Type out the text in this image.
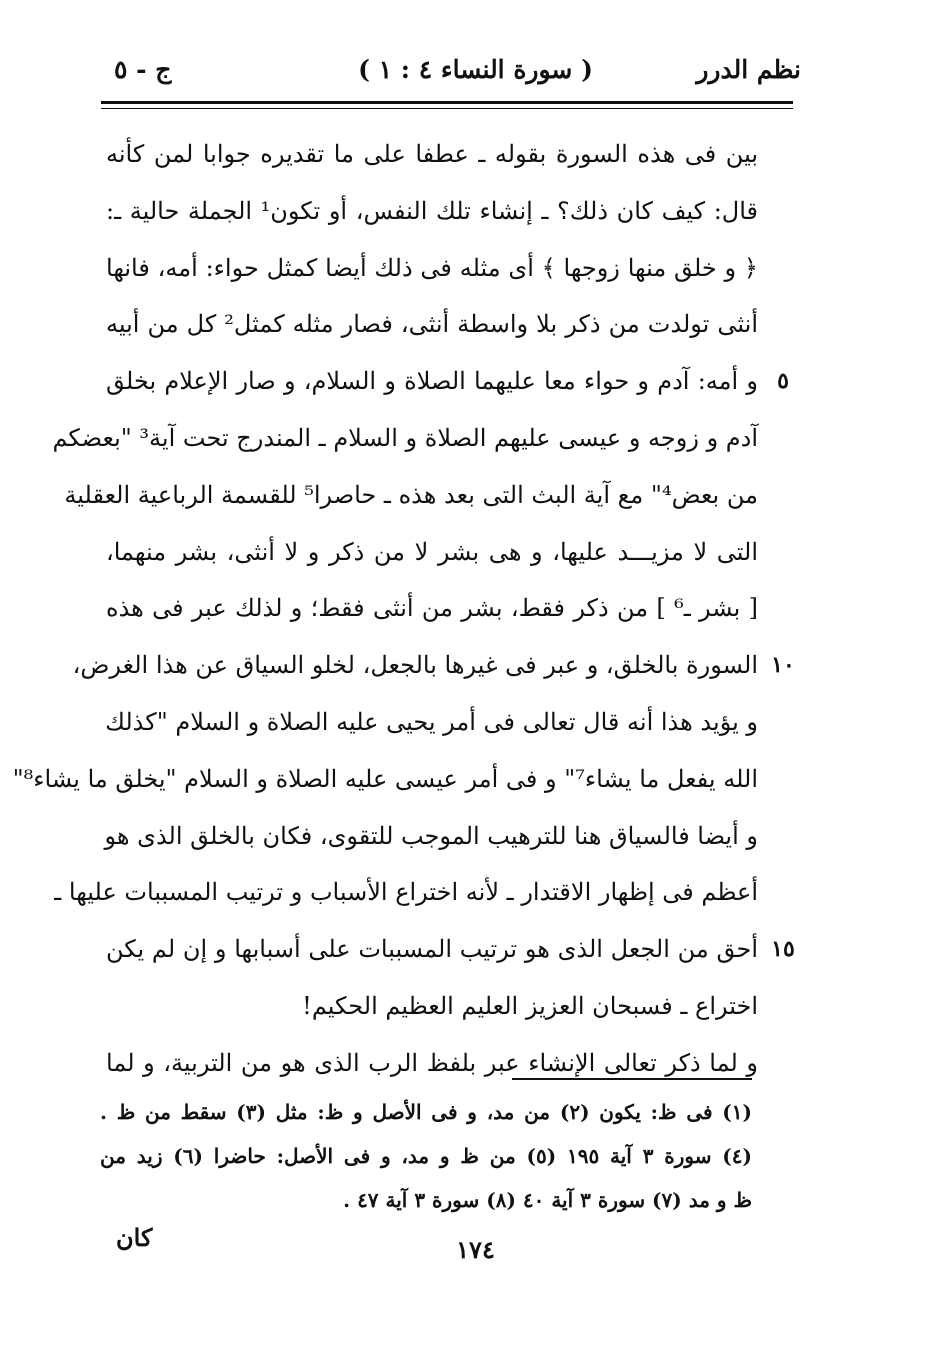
نظم الدرر
( سورة النساء ٤ : ١ )
ج - ٥
بين فى هذه السورة بقوله ـ عطفا على ما تقديره جوابا لمن كأنه
قال: كيف كان ذلك؟ ـ إنشاء تلك النفس، أو تكون¹ الجملة حالية ـ:
﴿ و خلق منها زوجها ﴾ أى مثله فى ذلك أيضا كمثل حواء: أمه، فانها
أنثى تولدت من ذكر بلا واسطة أنثى، فصار مثله كمثل² كل من أبيه
و أمه: آدم و حواء معا عليهما الصلاة و السلام، و صار الإعلام بخلق ٥
آدم و زوجه و عيسى عليهم الصلاة و السلام ـ المندرج تحت آية³ "بعضكم
من بعض⁴" مع آية البث التى بعد هذه ـ حاصرا⁵ للقسمة الرباعية العقلية
التى لا مزيـــد عليها، و هى بشر لا من ذكر و لا أنثى، بشر منهما،
[ بشر ـ⁶ ] من ذكر فقط، بشر من أنثى فقط؛ و لذلك عبر فى هذه
السورة بالخلق، و عبر فى غيرها بالجعل، لخلو السياق عن هذا الغرض، ١٠
و يؤيد هذا أنه قال تعالى فى أمر يحيى عليه الصلاة و السلام "كذلك
الله يفعل ما يشاء⁷" و فى أمر عيسى عليه الصلاة و السلام "يخلق ما يشاء⁸"
و أيضا فالسياق هنا للترهيب الموجب للتقوى، فكان بالخلق الذى هو
أعظم فى إظهار الاقتدار ـ لأنه اختراع الأسباب و ترتيب المسببات عليها ـ
أحق من الجعل الذى هو ترتيب المسببات على أسبابها و إن لم يكن ١٥
اختراع ـ فسبحان العزيز العليم العظيم الحكيم!
و لما ذكر تعالى الإنشاء عبر بلفظ الرب الذى هو من التربية، و لما
(١) فى ظ: يكون (٢) من مد، و فى الأصل و ظ: مثل (٣) سقط من ظ .
(٤) سورة ٣ آية ١٩٥ (٥) من ظ و مد، و فى الأصل: حاضرا (٦) زيد من
ظ و مد (٧) سورة ٣ آية ٤٠ (٨) سورة ٣ آية ٤٧ .
كان	١٧٤
